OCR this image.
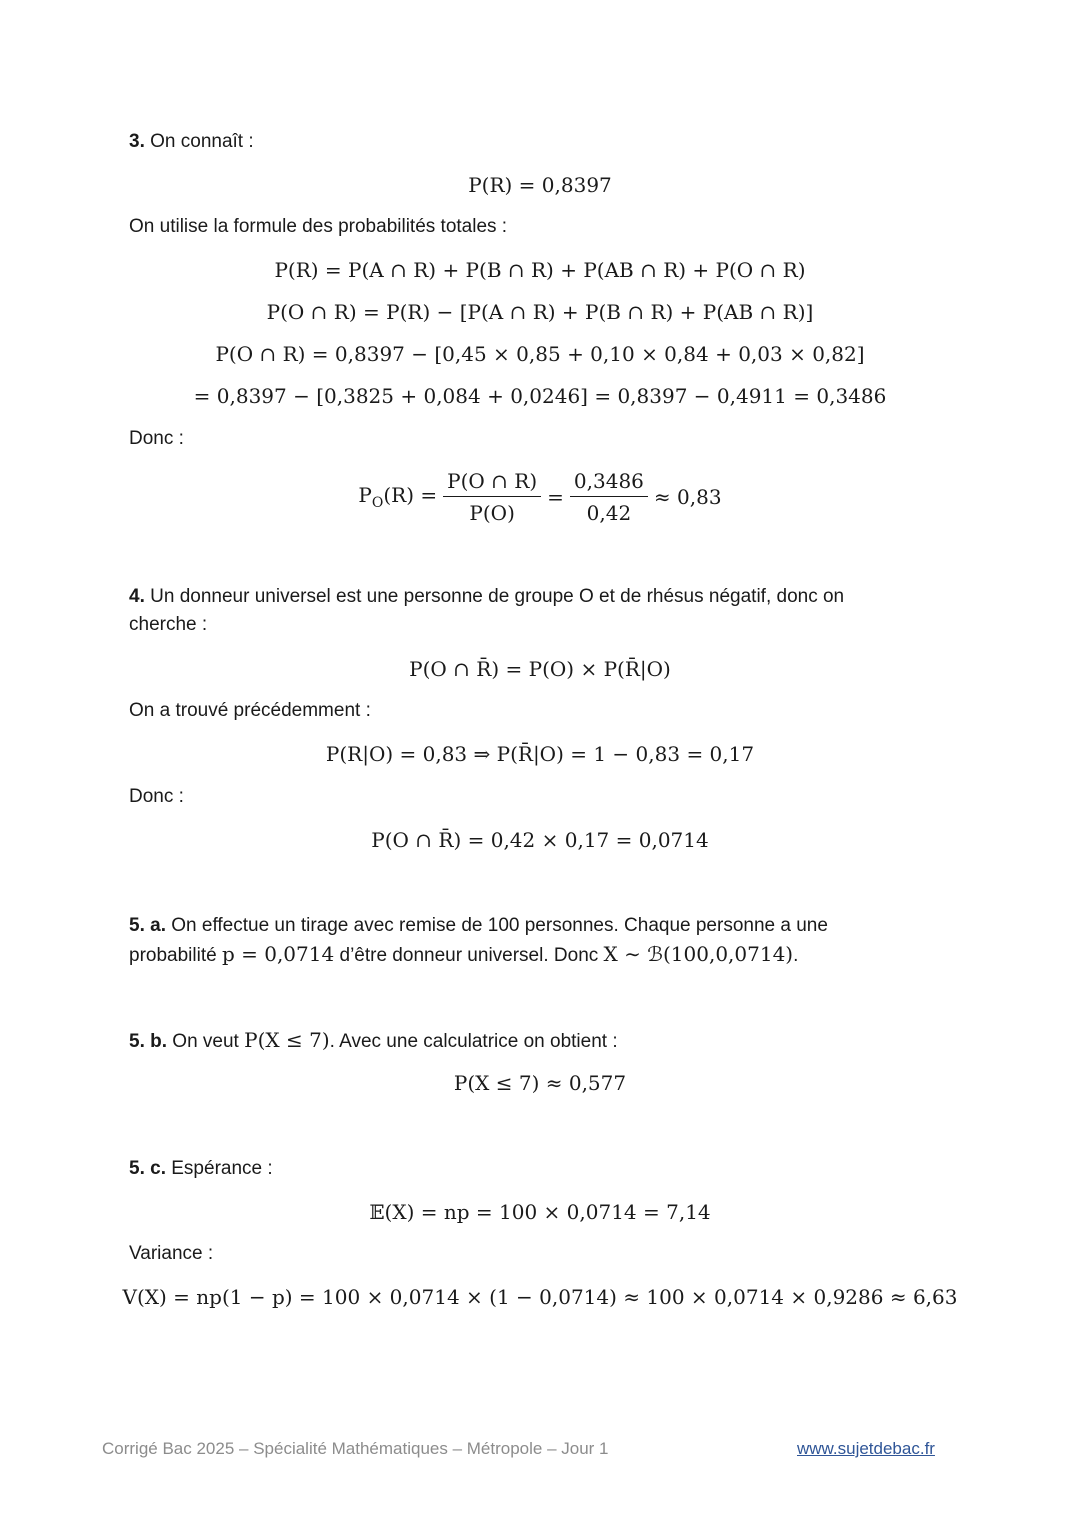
3. On connaît :
P(R) = 0,8397
On utilise la formule des probabilités totales :
P(R) = P(A ∩ R) + P(B ∩ R) + P(AB ∩ R) + P(O ∩ R)
P(O ∩ R) = P(R) − [P(A ∩ R) + P(B ∩ R) + P(AB ∩ R)]
P(O ∩ R) = 0,8397 − [0,45 × 0,85 + 0,10 × 0,84 + 0,03 × 0,82]
= 0,8397 − [0,3825 + 0,084 + 0,0246] = 0,8397 − 0,4911 = 0,3486
Donc :
$P_O(R) = \frac{P(O \cap R)}{P(O)} = \frac{0,3486}{0,42} \approx 0,83$
4. Un donneur universel est une personne de groupe O et de rhésus négatif, donc on
cherche :
P(O ∩ R̄) = P(O) × P(R̄|O)
On a trouvé précédemment :
P(R|O) = 0,83 ⇒ P(R̄|O) = 1 − 0,83 = 0,17
Donc :
P(O ∩ R̄) = 0,42 × 0,17 = 0,0714
5. a. On effectue un tirage avec remise de 100 personnes. Chaque personne a une
probabilité p = 0,0714 d’être donneur universel. Donc X ∼ ℬ(100,0,0714).
5. b. On veut P(X ≤ 7). Avec une calculatrice on obtient :
P(X ≤ 7) ≈ 0,577
5. c. Espérance :
𝔼(X) = np = 100 × 0,0714 = 7,14
Variance :
V(X) = np(1 − p) = 100 × 0,0714 × (1 − 0,0714) ≈ 100 × 0,0714 × 0,9286 ≈ 6,63
Corrigé Bac 2025 – Spécialité Mathématiques – Métropole – Jour 1	www.sujetdebac.fr
